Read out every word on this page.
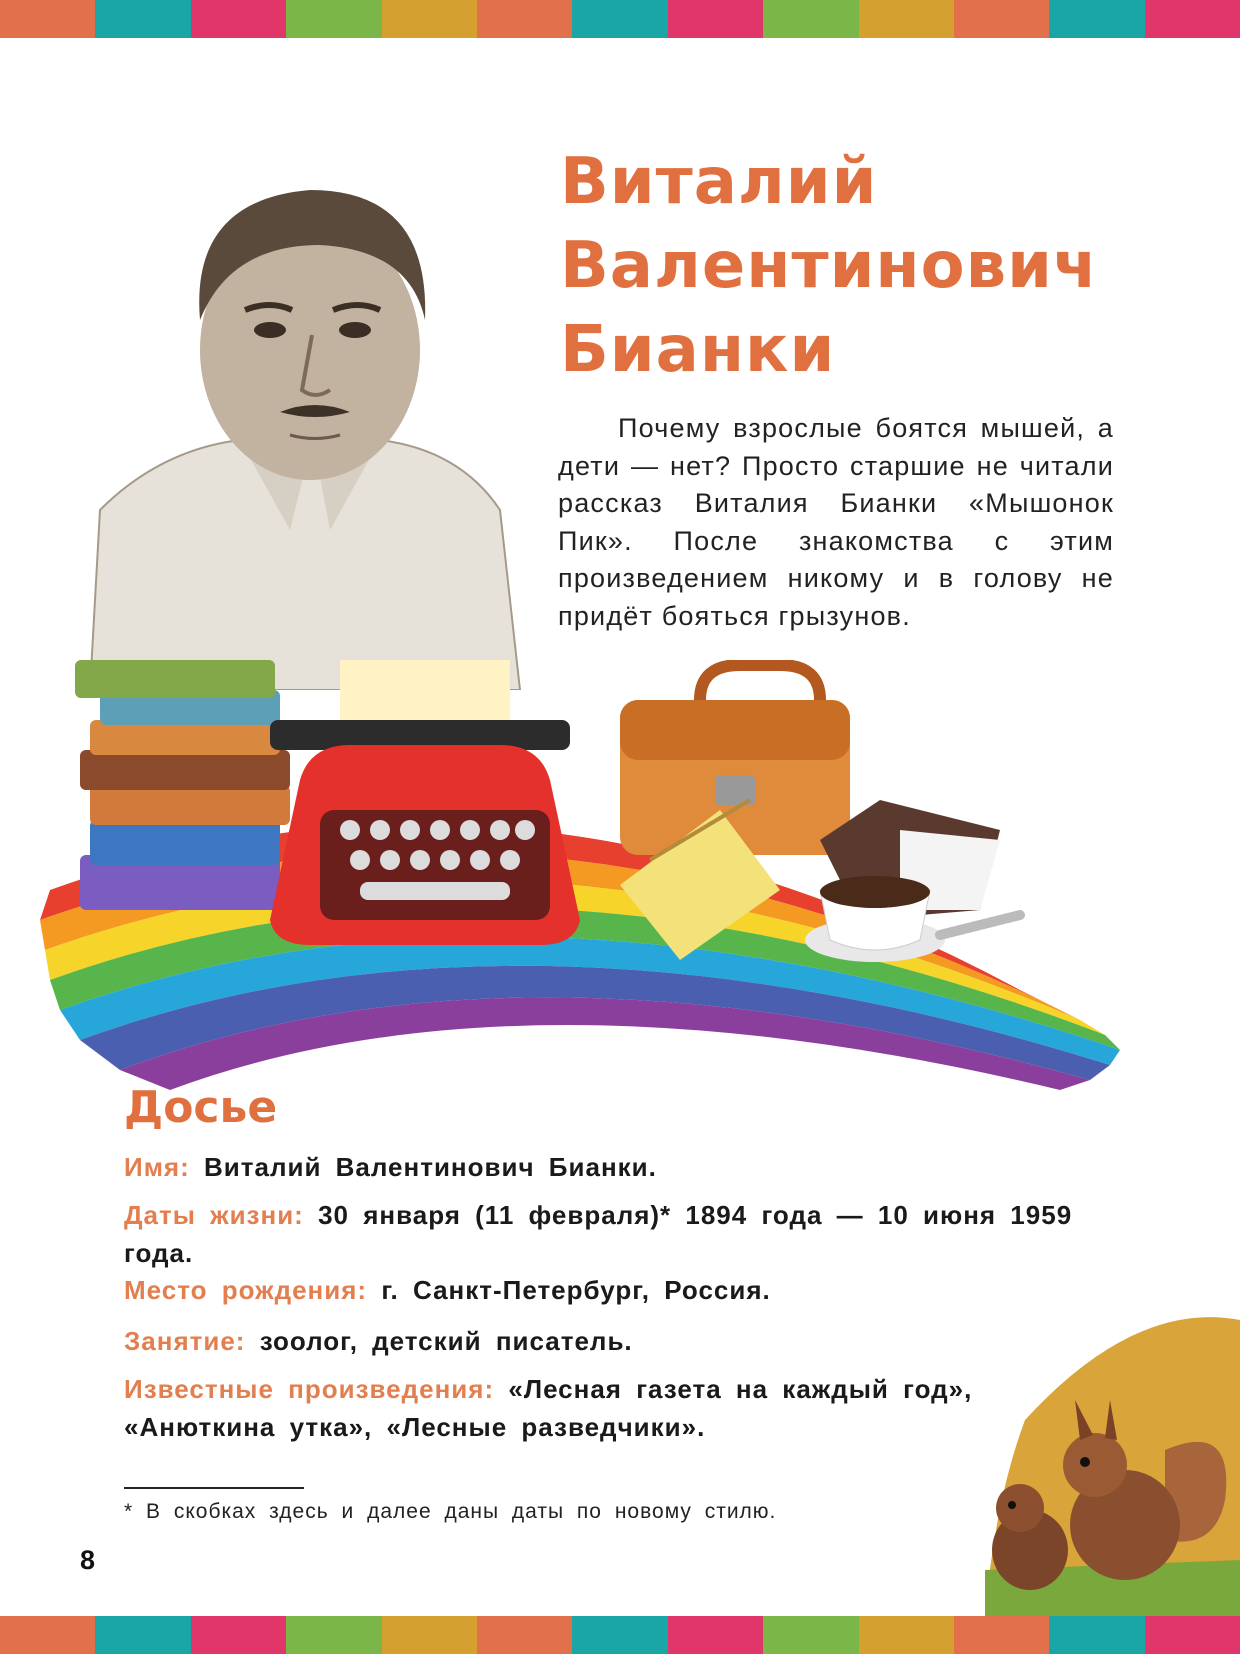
Виталий
Валентинович
Бианки
Почему взрослые боятся мышей, а дети — нет? Просто старшие не читали рассказ Виталия Бианки «Мышонок Пик». После знакомства с этим произведением никому и в голову не придёт бояться грызунов.
Досье
Имя: Виталий Валентинович Бианки.
Даты жизни: 30 января (11 февраля)* 1894 года — 10 июня 1959 года.
Место рождения: г. Санкт-Петербург, Россия.
Занятие: зоолог, детский писатель.
Известные произведения: «Лесная газета на каждый год», «Анюткина утка», «Лесные разведчики».
* В скобках здесь и далее даны даты по новому стилю.
8
